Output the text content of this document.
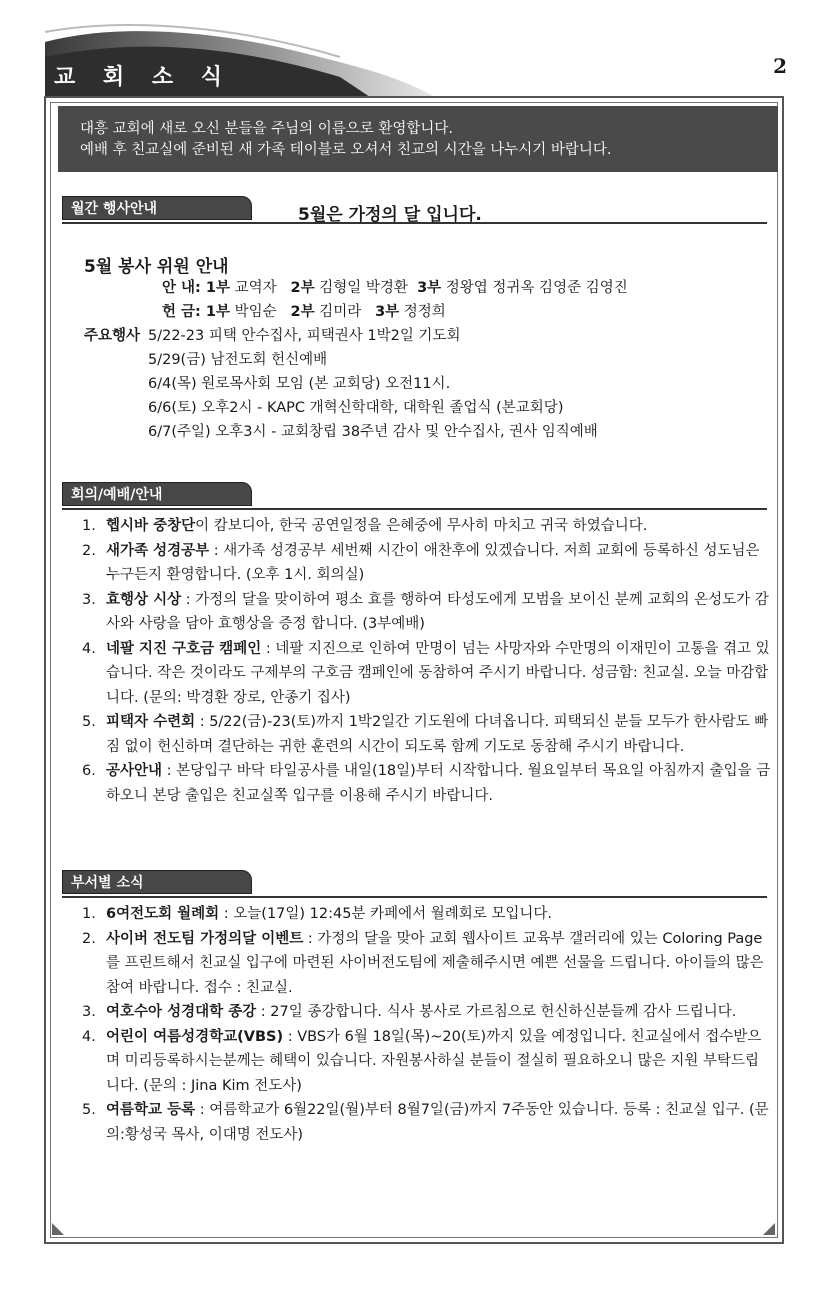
교 회 소 식	2
대흥 교회에 새로 오신 분들을 주님의 이름으로 환영합니다.
예배 후 친교실에 준비된 새 가족 테이블로 오셔서 친교의 시간을 나누시기 바랍니다.
월간 행사안내	5월은 가정의 달 입니다.
5월 봉사 위원 안내
안 내: 1부 교역자 2부 김형일 박경환 3부 정왕엽 정귀옥 김영준 김영진
헌 금: 1부 박임순 2부 김미라 3부 정정희
주요행사 5/22-23 피택 안수집사, 피택권사 1박2일 기도회
5/29(금) 남전도회 헌신예배
6/4(목) 원로목사회 모임 (본 교회당) 오전11시.
6/6(토) 오후2시 - KAPC 개혁신학대학, 대학원 졸업식 (본교회당)
6/7(주일) 오후3시 - 교회창립 38주년 감사 및 안수집사, 권사 임직예배
회의/예배/안내
1. 헵시바 중창단이 캄보디아, 한국 공연일정을 은혜중에 무사히 마치고 귀국 하였습니다.
2. 새가족 성경공부 : 새가족 성경공부 세번째 시간이 애찬후에 있겠습니다. 저희 교회에 등록하신 성도님은 누구든지 환영합니다. (오후 1시. 회의실)
3. 효행상 시상 : 가정의 달을 맞이하여 평소 효를 행하여 타성도에게 모범을 보이신 분께 교회의 온성도가 감사와 사랑을 담아 효행상을 증정 합니다. (3부예배)
4. 네팔 지진 구호금 캠페인 : 네팔 지진으로 인하여 만명이 넘는 사망자와 수만명의 이재민이 고통을 겪고 있습니다. 작은 것이라도 구제부의 구호금 캠페인에 동참하여 주시기 바랍니다. 성금함: 친교실. 오늘 마감합니다. (문의: 박경환 장로, 안종기 집사)
5. 피택자 수련회 : 5/22(금)-23(토)까지 1박2일간 기도원에 다녀옵니다. 피택되신 분들 모두가 한사람도 빠짐 없이 헌신하며 결단하는 귀한 훈련의 시간이 되도록 함께 기도로 동참해 주시기 바랍니다.
6. 공사안내 : 본당입구 바닥 타일공사를 내일(18일)부터 시작합니다. 월요일부터 목요일 아침까지 출입을 금하오니 본당 출입은 친교실쪽 입구를 이용해 주시기 바랍니다.
부서별 소식
1. 6여전도회 월례회 : 오늘(17일) 12:45분 카페에서 월례회로 모입니다.
2. 사이버 전도팀 가정의달 이벤트 : 가정의 달을 맞아 교회 웹사이트 교육부 갤러리에 있는 Coloring Page 를 프린트해서 친교실 입구에 마련된 사이버전도팀에 제출해주시면 예쁜 선물을 드립니다. 아이들의 많은 참여 바랍니다. 접수 : 친교실.
3. 여호수아 성경대학 종강 : 27일 종강합니다. 식사 봉사로 가르침으로 헌신하신분들께 감사 드립니다.
4. 어린이 여름성경학교(VBS) : VBS가 6월 18일(목)~20(토)까지 있을 예정입니다. 친교실에서 접수받으며 미리등록하시는분께는 혜택이 있습니다. 자원봉사하실 분들이 절실히 필요하오니 많은 지원 부탁드립니다. (문의 : Jina Kim 전도사)
5. 여름학교 등록 : 여름학교가 6월22일(월)부터 8월7일(금)까지 7주동안 있습니다. 등록 : 친교실 입구. (문의:황성국 목사, 이대명 전도사)
